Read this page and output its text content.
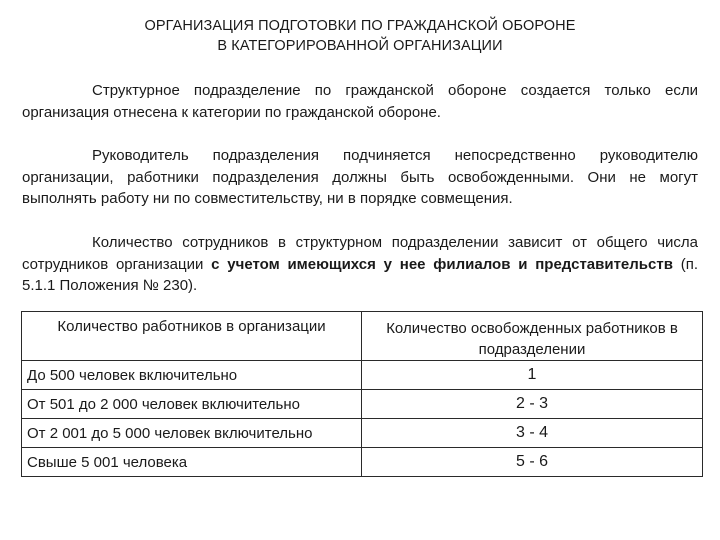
ОРГАНИЗАЦИЯ ПОДГОТОВКИ ПО ГРАЖДАНСКОЙ ОБОРОНЕ
В КАТЕГОРИРОВАННОЙ ОРГАНИЗАЦИИ
Структурное подразделение по гражданской обороне создается только если организация отнесена к категории по гражданской обороне.
Руководитель подразделения подчиняется непосредственно руководителю организации, работники подразделения должны быть освобожденными. Они не могут выполнять работу ни по совместительству, ни в порядке совмещения.
Количество сотрудников в структурном подразделении зависит от общего числа сотрудников организации с учетом имеющихся у нее филиалов и представительств (п. 5.1.1 Положения № 230).
Количество работников в организации	Количество освобожденных работников в подразделении
До 500 человек включительно	1
От 501 до 2 000 человек включительно	2 - 3
От 2 001 до 5 000 человек включительно	3 - 4
Свыше 5 001 человека	5 - 6
